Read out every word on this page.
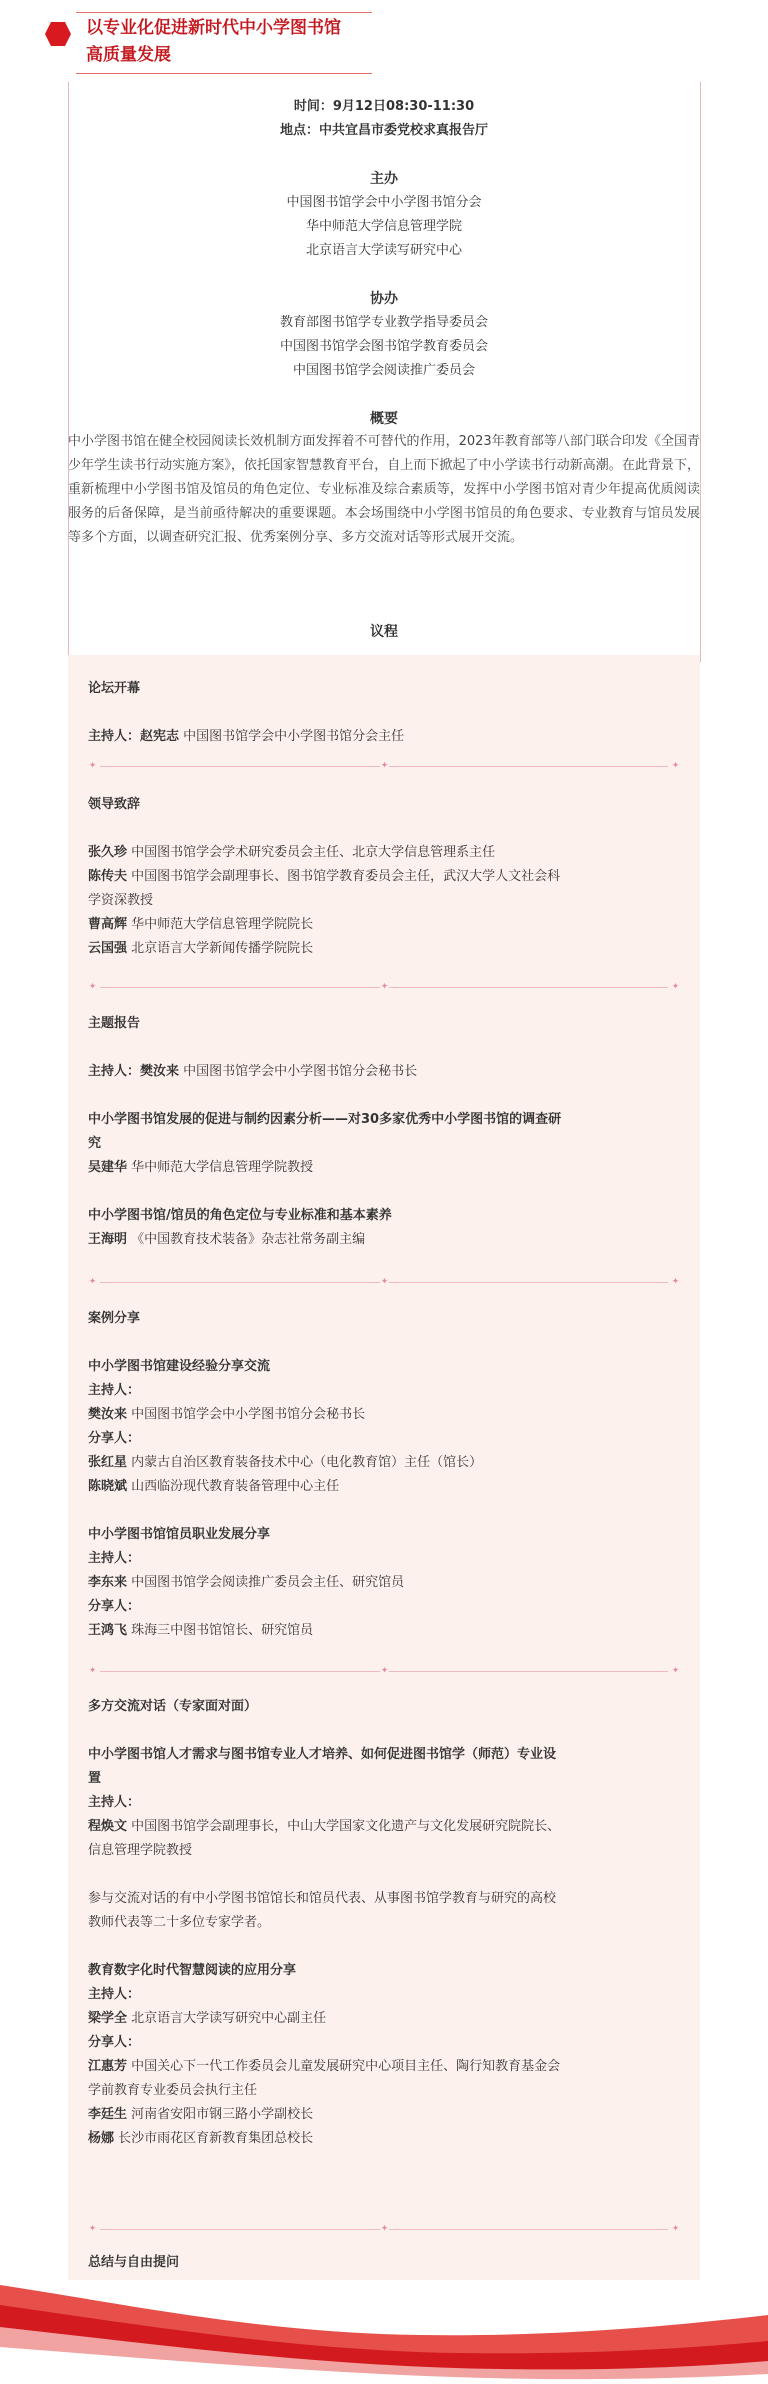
以专业化促进新时代中小学图书馆
高质量发展
时间：9月12日08:30-11:30
地点：中共宜昌市委党校求真报告厅
主办
中国图书馆学会中小学图书馆分会
华中师范大学信息管理学院
北京语言大学读写研究中心
协办
教育部图书馆学专业教学指导委员会
中国图书馆学会图书馆学教育委员会
中国图书馆学会阅读推广委员会
概要
中小学图书馆在健全校园阅读长效机制方面发挥着不可替代的作用，2023年教育部等八部门联合印发《全国青少年学生读书行动实施方案》，依托国家智慧教育平台，自上而下掀起了中小学读书行动新高潮。在此背景下，重新梳理中小学图书馆及馆员的角色定位、专业标准及综合素质等，发挥中小学图书馆对青少年提高优质阅读服务的后备保障，是当前亟待解决的重要课题。本会场围绕中小学图书馆员的角色要求、专业教育与馆员发展等多个方面，以调查研究汇报、优秀案例分享、多方交流对话等形式展开交流。
议程
论坛开幕
主持人：赵宪志 中国图书馆学会中小学图书馆分会主任
✦	✦	✦
领导致辞
张久珍 中国图书馆学会学术研究委员会主任、北京大学信息管理系主任
陈传夫 中国图书馆学会副理事长、图书馆学教育委员会主任，武汉大学人文社会科
学资深教授
曹高辉 华中师范大学信息管理学院院长
云国强 北京语言大学新闻传播学院院长
✦	✦	✦
主题报告
主持人：樊汝来 中国图书馆学会中小学图书馆分会秘书长
中小学图书馆发展的促进与制约因素分析——对30多家优秀中小学图书馆的调查研
究
吴建华 华中师范大学信息管理学院教授
中小学图书馆/馆员的角色定位与专业标准和基本素养
王海明 《中国教育技术装备》杂志社常务副主编
✦	✦	✦
案例分享
中小学图书馆建设经验分享交流
主持人：
樊汝来 中国图书馆学会中小学图书馆分会秘书长
分享人：
张红星 内蒙古自治区教育装备技术中心（电化教育馆）主任（馆长）
陈晓斌 山西临汾现代教育装备管理中心主任
中小学图书馆馆员职业发展分享
主持人：
李东来 中国图书馆学会阅读推广委员会主任、研究馆员
分享人：
王鸿飞 珠海三中图书馆馆长、研究馆员
✦	✦	✦
多方交流对话（专家面对面）
中小学图书馆人才需求与图书馆专业人才培养、如何促进图书馆学（师范）专业设
置
主持人：
程焕文 中国图书馆学会副理事长，中山大学国家文化遗产与文化发展研究院院长、
信息管理学院教授
参与交流对话的有中小学图书馆馆长和馆员代表、从事图书馆学教育与研究的高校
教师代表等二十多位专家学者。
教育数字化时代智慧阅读的应用分享
主持人：
梁学全 北京语言大学读写研究中心副主任
分享人：
江惠芳 中国关心下一代工作委员会儿童发展研究中心项目主任、陶行知教育基金会
学前教育专业委员会执行主任
李廷生 河南省安阳市钢三路小学副校长
杨娜 长沙市雨花区育新教育集团总校长
✦	✦	✦
总结与自由提问
